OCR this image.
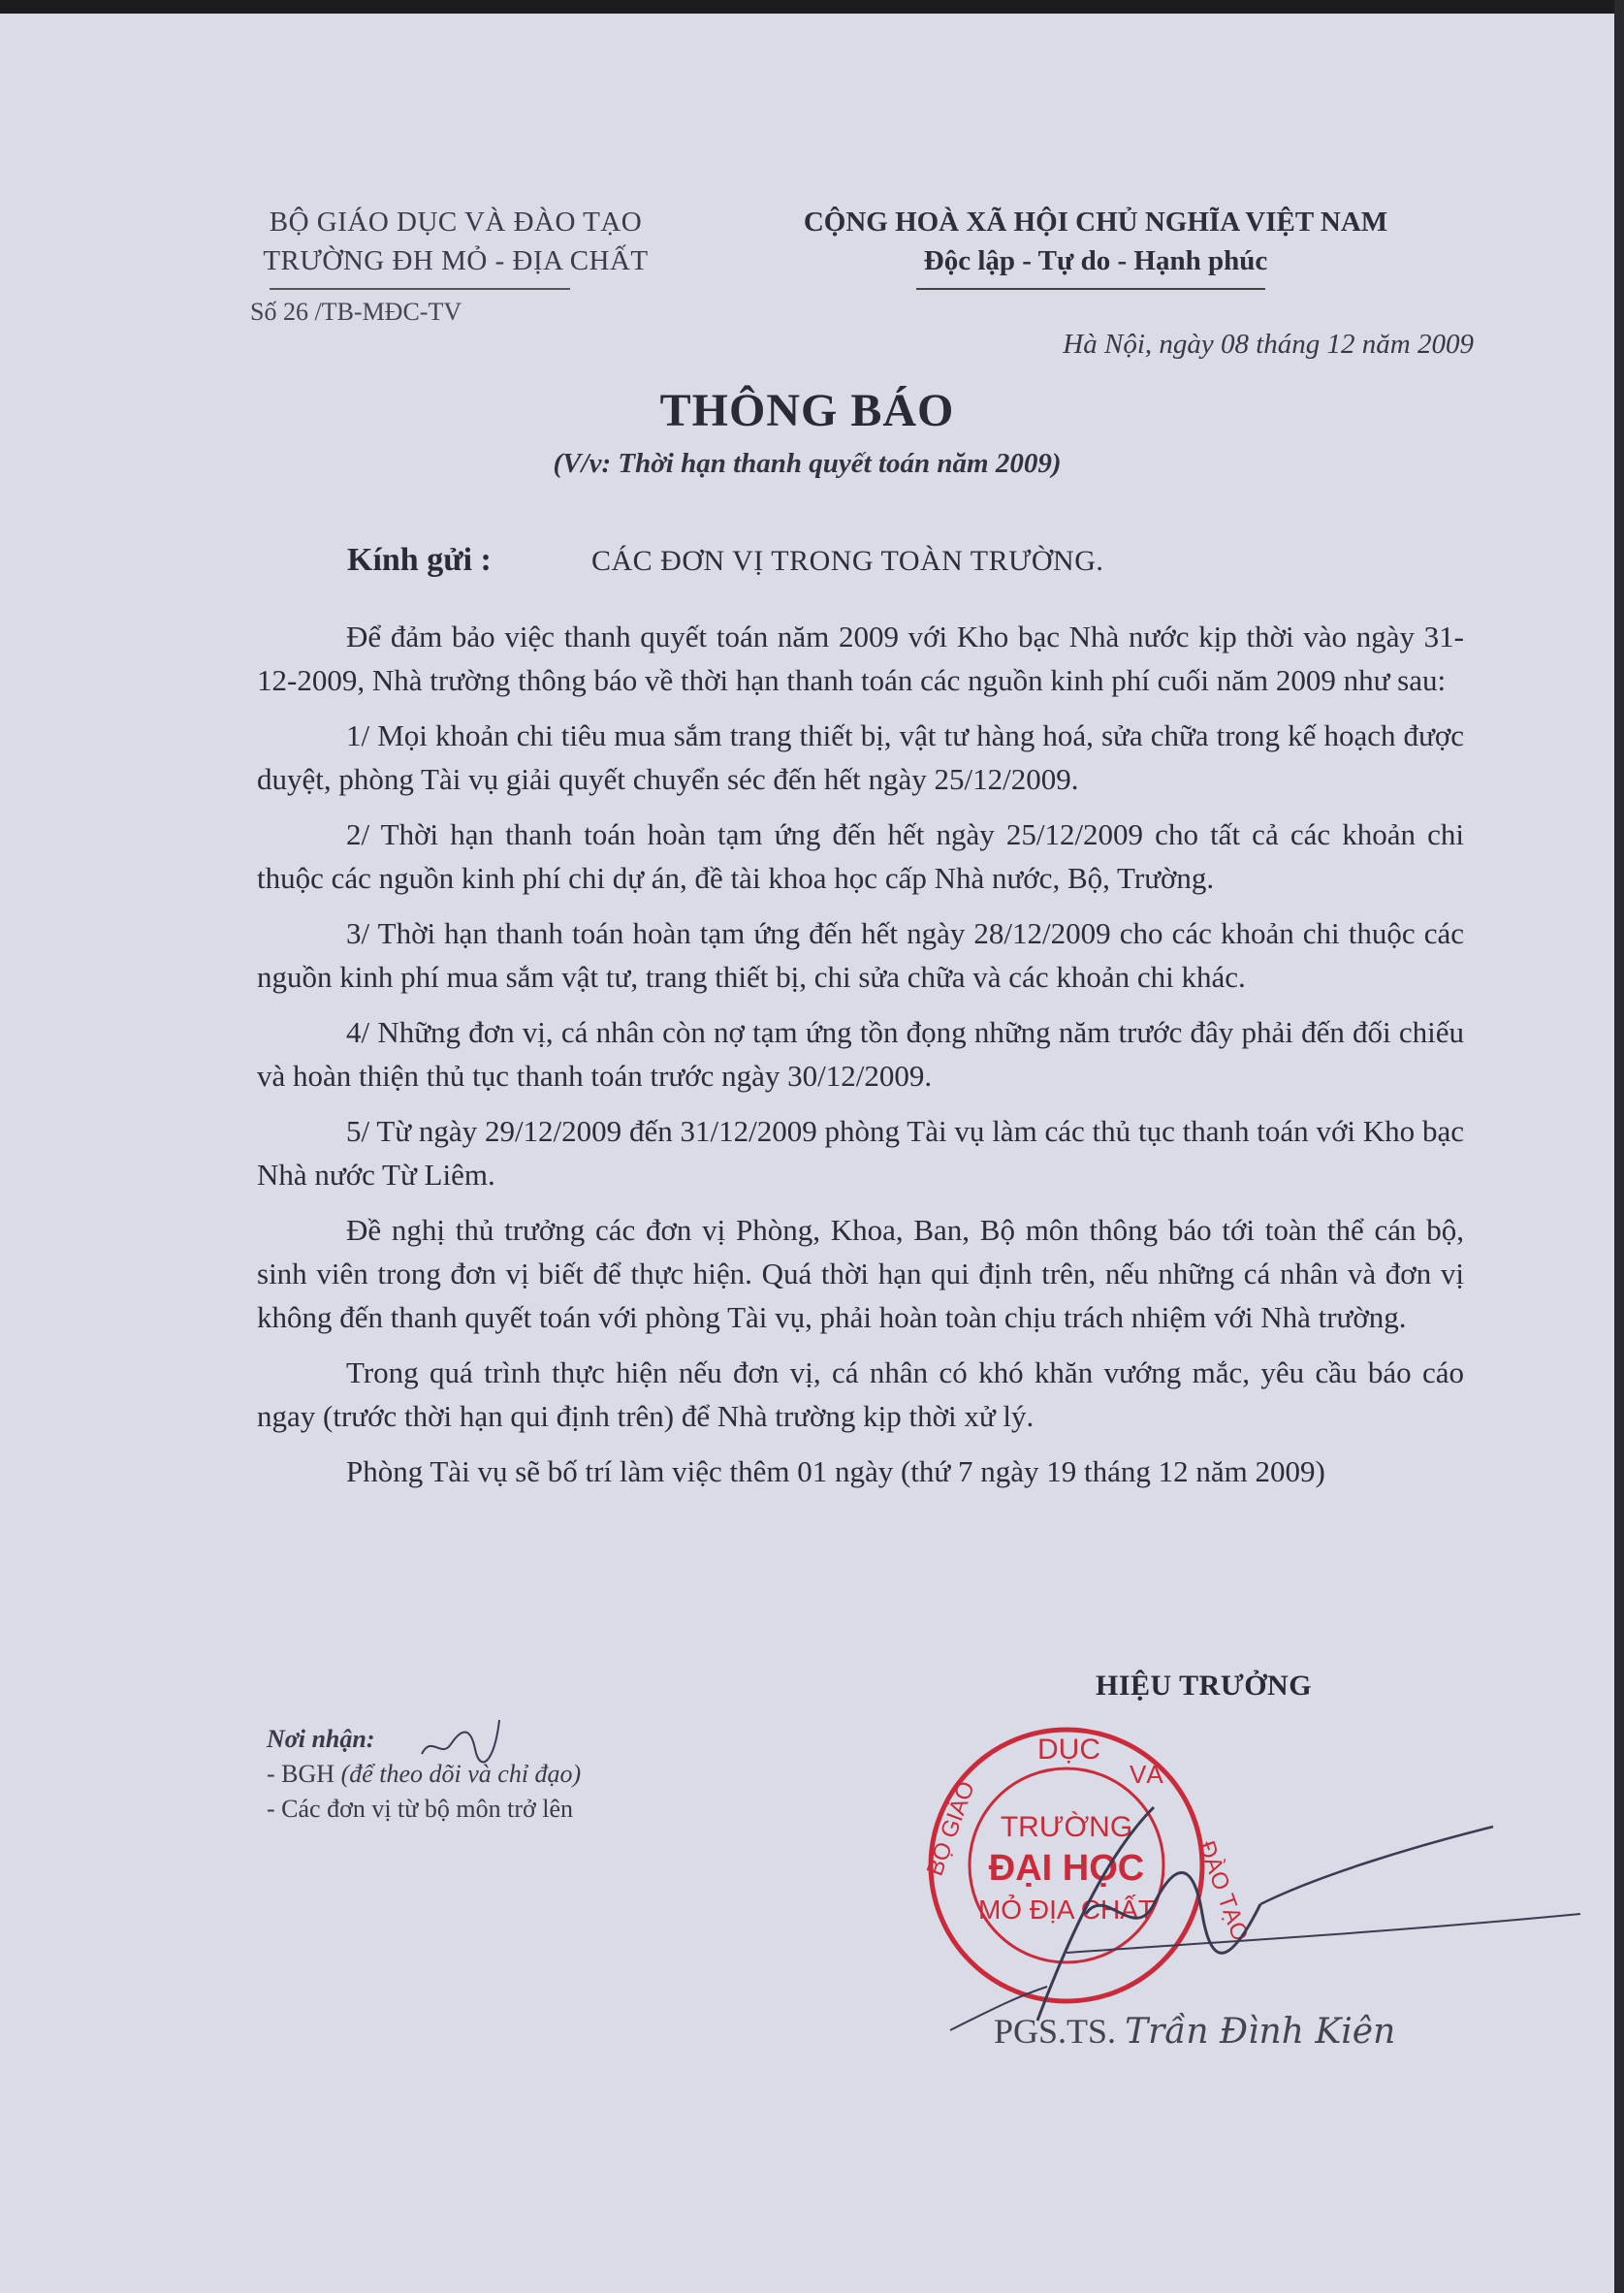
BỘ GIÁO DỤC VÀ ĐÀO TẠO
TRƯỜNG ĐH MỎ - ĐỊA CHẤT
Số 26 /TB-MĐC-TV
CỘNG HOÀ XÃ HỘI CHỦ NGHĨA VIỆT NAM
Độc lập - Tự do - Hạnh phúc
Hà Nội, ngày 08 tháng 12 năm 2009
THÔNG BÁO
(V/v: Thời hạn thanh quyết toán năm 2009)
Kính gửi :	CÁC ĐƠN VỊ TRONG TOÀN TRƯỜNG.

Để đảm bảo việc thanh quyết toán năm 2009 với Kho bạc Nhà nước kịp thời vào ngày 31-12-2009, Nhà trường thông báo về thời hạn thanh toán các nguồn kinh phí cuối năm 2009 như sau:

1/ Mọi khoản chi tiêu mua sắm trang thiết bị, vật tư hàng hoá, sửa chữa trong kế hoạch được duyệt, phòng Tài vụ giải quyết chuyển séc đến hết ngày 25/12/2009.

2/ Thời hạn thanh toán hoàn tạm ứng đến hết ngày 25/12/2009 cho tất cả các khoản chi thuộc các nguồn kinh phí chi dự án, đề tài khoa học cấp Nhà nước, Bộ, Trường.

3/ Thời hạn thanh toán hoàn tạm ứng đến hết ngày 28/12/2009 cho các khoản chi thuộc các nguồn kinh phí mua sắm vật tư, trang thiết bị, chi sửa chữa và các khoản chi khác.

4/ Những đơn vị, cá nhân còn nợ tạm ứng tồn đọng những năm trước đây phải đến đối chiếu và hoàn thiện thủ tục thanh toán trước ngày 30/12/2009.

5/ Từ ngày 29/12/2009 đến 31/12/2009 phòng Tài vụ làm các thủ tục thanh toán với Kho bạc Nhà nước Từ Liêm.

Đề nghị thủ trưởng các đơn vị Phòng, Khoa, Ban, Bộ môn thông báo tới toàn thể cán bộ, sinh viên trong đơn vị biết để thực hiện. Quá thời hạn qui định trên, nếu những cá nhân và đơn vị không đến thanh quyết toán với phòng Tài vụ, phải hoàn toàn chịu trách nhiệm với Nhà trường.

Trong quá trình thực hiện nếu đơn vị, cá nhân có khó khăn vướng mắc, yêu cầu báo cáo ngay (trước thời hạn qui định trên) để Nhà trường kịp thời xử lý.

Phòng Tài vụ sẽ bố trí làm việc thêm 01 ngày (thứ 7 ngày 19 tháng 12 năm 2009)

HIỆU TRƯỞNG
Nơi nhận:
- BGH (để theo dõi và chỉ đạo)
- Các đơn vị từ bộ môn trở lên
DỤC
VÀ
BỘ GIÁO
ĐÀO TẠO
TRƯỜNG
ĐẠI HỌC
MỎ ĐỊA CHẤT
PGS.TS. Trần Đình Kiên
